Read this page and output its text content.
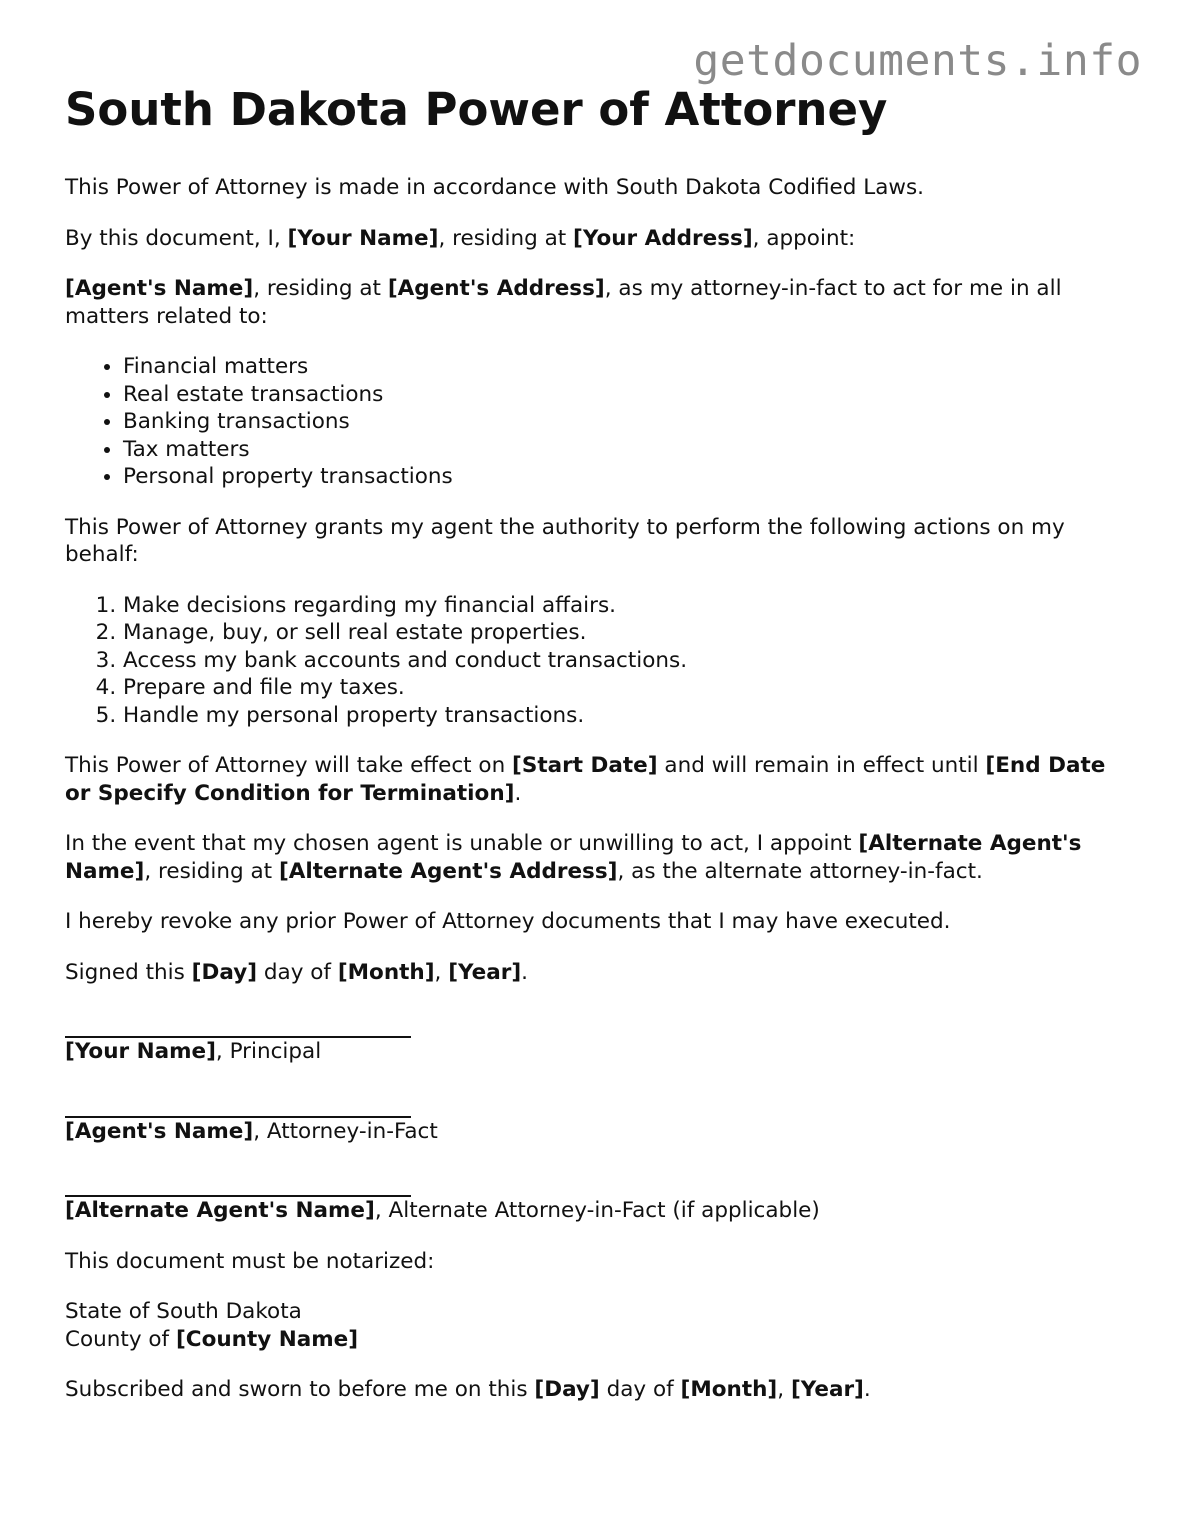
getdocuments.info
South Dakota Power of Attorney

This Power of Attorney is made in accordance with South Dakota Codified Laws.

By this document, I, [Your Name], residing at [Your Address], appoint:

[Agent's Name], residing at [Agent's Address], as my attorney-in-fact to act for me in all matters related to:

• Financial matters
• Real estate transactions
• Banking transactions
• Tax matters
• Personal property transactions

This Power of Attorney grants my agent the authority to perform the following actions on my behalf:

1. Make decisions regarding my financial affairs.
2. Manage, buy, or sell real estate properties.
3. Access my bank accounts and conduct transactions.
4. Prepare and file my taxes.
5. Handle my personal property transactions.

This Power of Attorney will take effect on [Start Date] and will remain in effect until [End Date or Specify Condition for Termination].

In the event that my chosen agent is unable or unwilling to act, I appoint [Alternate Agent's Name], residing at [Alternate Agent's Address], as the alternate attorney-in-fact.

I hereby revoke any prior Power of Attorney documents that I may have executed.

Signed this [Day] day of [Month], [Year].

[Your Name], Principal
[Agent's Name], Attorney-in-Fact
[Alternate Agent's Name], Alternate Attorney-in-Fact (if applicable)

This document must be notarized:

State of South Dakota
County of [County Name]

Subscribed and sworn to before me on this [Day] day of [Month], [Year].
